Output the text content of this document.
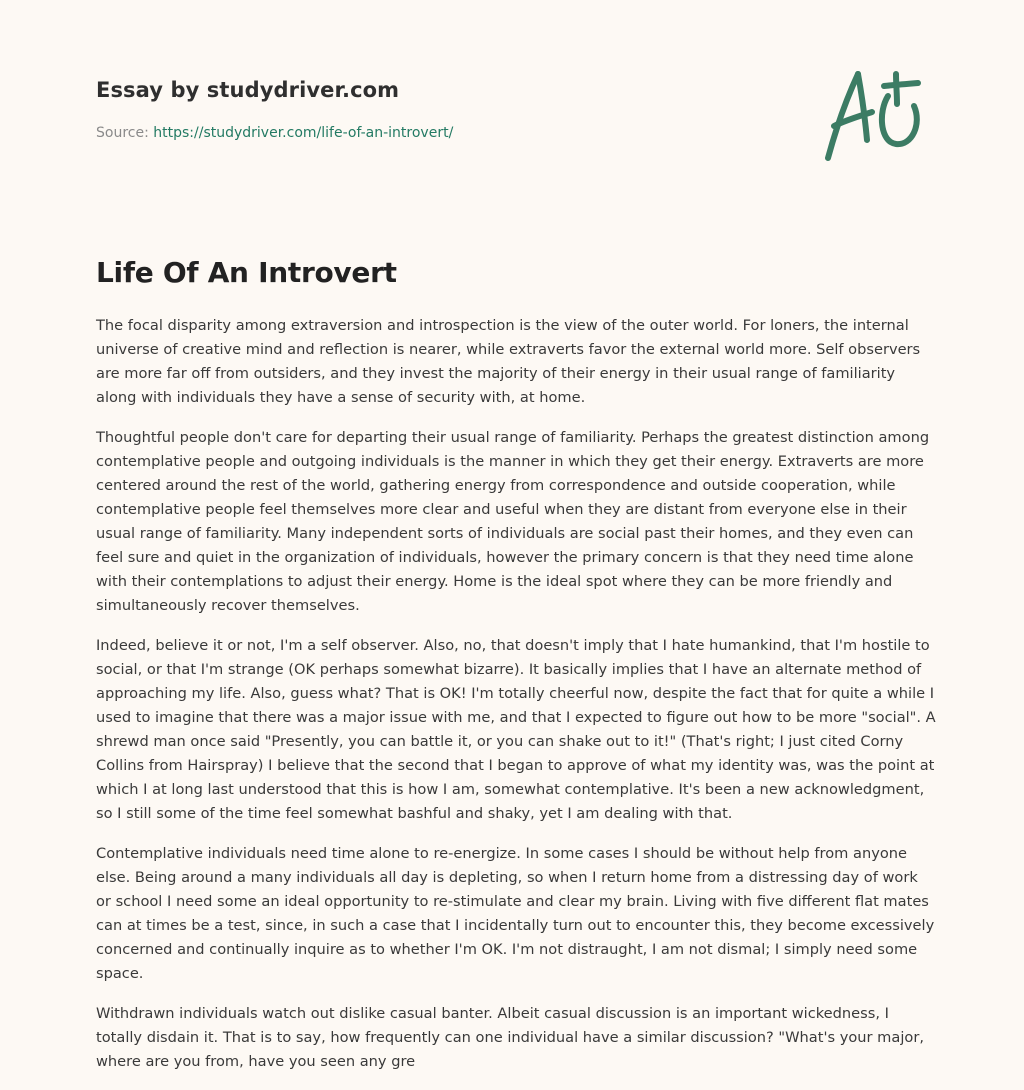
Essay by studydriver.com
Source: https://studydriver.com/life-of-an-introvert/
Life Of An Introvert

The focal disparity among extraversion and introspection is the view of the outer world. For loners, the internal universe of creative mind and reflection is nearer, while extraverts favor the external world more. Self observers are more far off from outsiders, and they invest the majority of their energy in their usual range of familiarity along with individuals they have a sense of security with, at home.

Thoughtful people don't care for departing their usual range of familiarity. Perhaps the greatest distinction among contemplative people and outgoing individuals is the manner in which they get their energy. Extraverts are more centered around the rest of the world, gathering energy from correspondence and outside cooperation, while contemplative people feel themselves more clear and useful when they are distant from everyone else in their usual range of familiarity. Many independent sorts of individuals are social past their homes, and they even can feel sure and quiet in the organization of individuals, however the primary concern is that they need time alone with their contemplations to adjust their energy. Home is the ideal spot where they can be more friendly and simultaneously recover themselves.

Indeed, believe it or not, I'm a self observer. Also, no, that doesn't imply that I hate humankind, that I'm hostile to social, or that I'm strange (OK perhaps somewhat bizarre). It basically implies that I have an alternate method of approaching my life. Also, guess what? That is OK! I'm totally cheerful now, despite the fact that for quite a while I used to imagine that there was a major issue with me, and that I expected to figure out how to be more "social". A shrewd man once said "Presently, you can battle it, or you can shake out to it!" (That's right; I just cited Corny Collins from Hairspray) I believe that the second that I began to approve of what my identity was, was the point at which I at long last understood that this is how I am, somewhat contemplative. It's been a new acknowledgment, so I still some of the time feel somewhat bashful and shaky, yet I am dealing with that.

Contemplative individuals need time alone to re-energize. In some cases I should be without help from anyone else. Being around a many individuals all day is depleting, so when I return home from a distressing day of work or school I need some an ideal opportunity to re-stimulate and clear my brain. Living with five different flat mates can at times be a test, since, in such a case that I incidentally turn out to encounter this, they become excessively concerned and continually inquire as to whether I'm OK. I'm not distraught, I am not dismal; I simply need some space.

Withdrawn individuals watch out dislike casual banter. Albeit casual discussion is an important wickedness, I totally disdain it. That is to say, how frequently can one individual have a similar discussion? "What's your major, where are you from, have you seen any gre
